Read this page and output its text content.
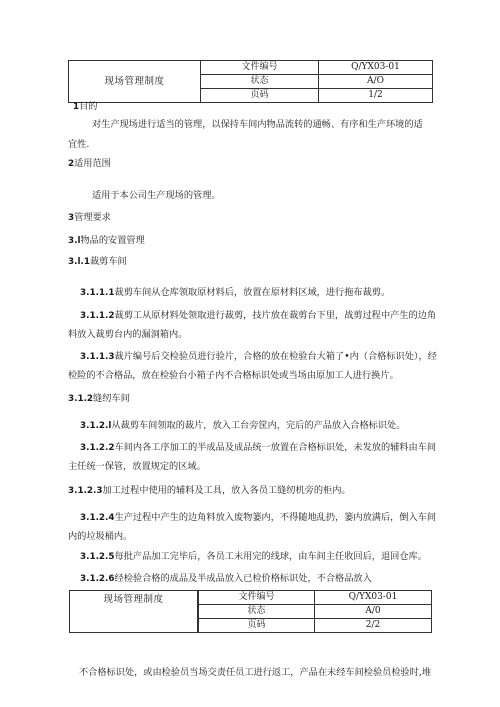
现场管理制度	文件编号	Q/YX03-01
	状态	A/O
	页码	1/2
1目的
对生产现场进行适当的管理，以保持车间内物品流转的通畅、有序和生产环境的适
宜性.
2适用范围
适用于本公司生产现场的管理。
3管理要求
3.l物品的安置管理
3.l.1裁剪车间
3.1.1.1裁剪车间从仓库领取原材料后，放置在原材料区域，进行拖布裁剪。
3.1.1.2裁剪工从原材料处领取进行裁剪，技片放在裁剪台下里，战剪过程中产生的边角
料放入裁剪台内的漏洞箱内。
3.1.1.3裁片编号后交检验员进行验片，合格的放在检验台大箱了•内（合格标识处），经
检险的不合格品，放在检验台小箱子内不合格标识处或当场由原加工人进行换片。
3.1.2缝纫车间
3.1.2.l从裁剪车间领取的裁片，放入工台旁筐内，完后的产品放入合格标识处。
3.1.2.2车间内各工序加工的半成品及成品统一放置在合格标识处，未发放的辅料由车间
主任统一保管，放置规定的区域。
3.1.2.3加工过程中使用的辅料及工具，放入各员工缝纫机旁的柜内。
3.1.2.4生产过程中产生的边角料放入废物篓内，不得随地乱扔，篓内放满后，倒入车间
内的垃圾桶内。
3.1.2.5每批产品加工完毕后，各员工未用完的线球，由车间主任收回后，退回仓库。
3.1.2.6经检验合格的成品及半成品放入已检价格标识处，不合格品放入
现场管理制度	文件编号	Q/YX03-01
	状态	A/0
	页码	2/2
不合格标识处，或由检验员当场交责任员工进行返工，产品在未经车间检验员检验时,堆
